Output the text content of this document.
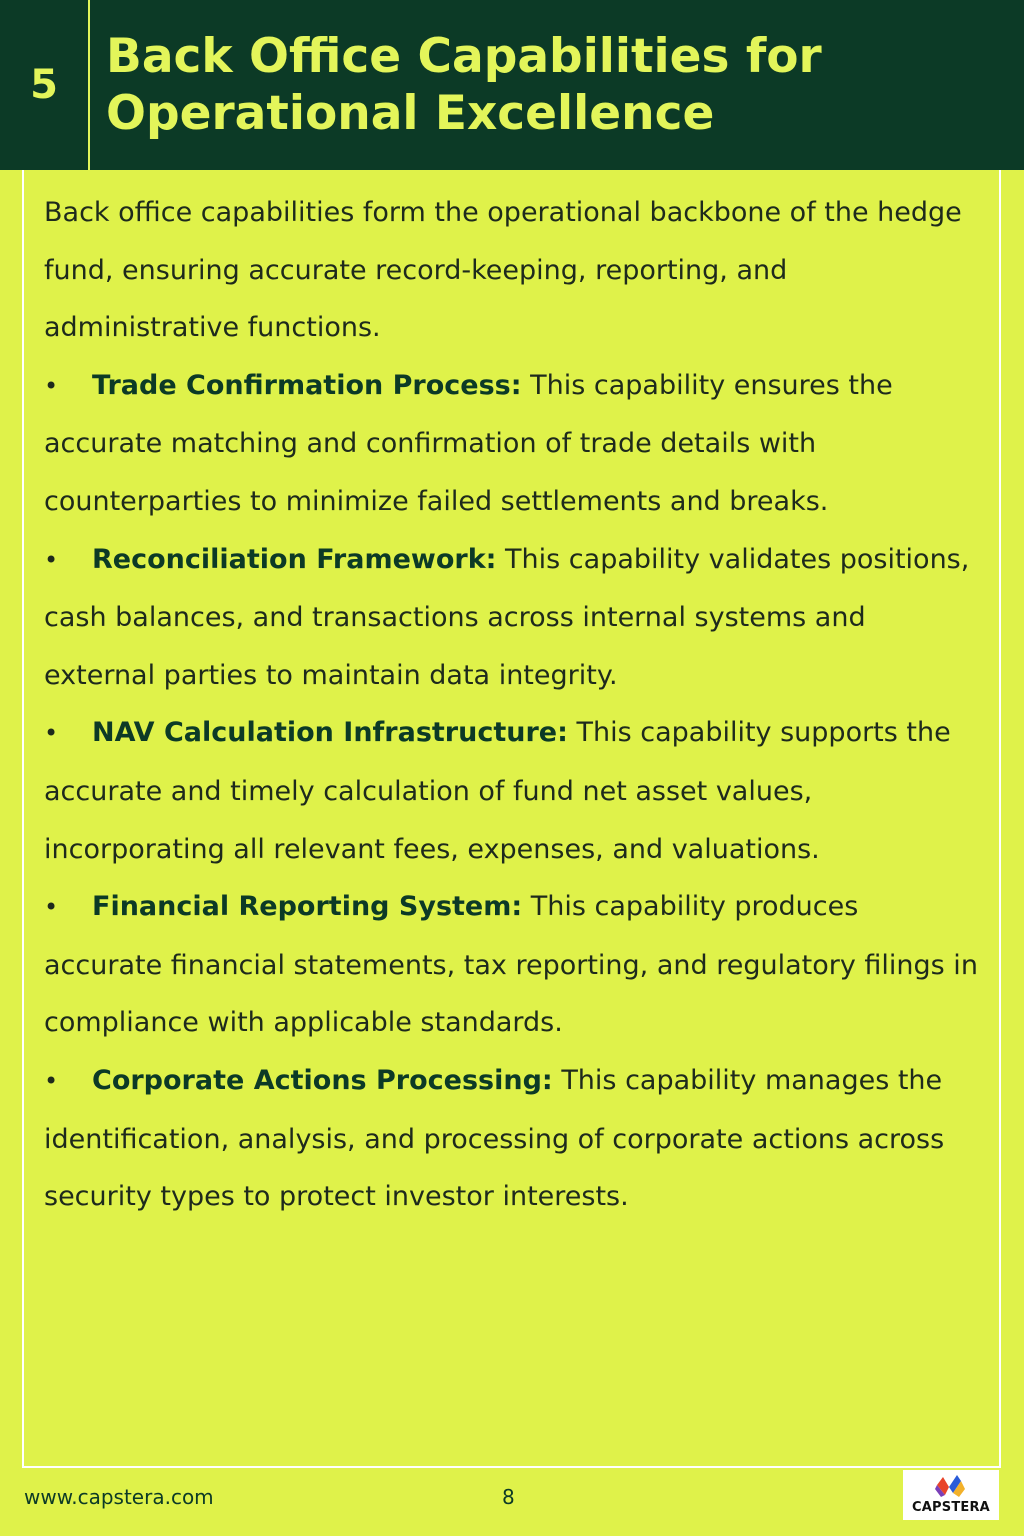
5
Back Office Capabilities for
Operational Excellence

Back office capabilities form the operational backbone of the hedge fund, ensuring accurate record-keeping, reporting, and administrative functions.

• Trade Confirmation Process: This capability ensures the accurate matching and confirmation of trade details with counterparties to minimize failed settlements and breaks.

• Reconciliation Framework: This capability validates positions, cash balances, and transactions across internal systems and external parties to maintain data integrity.

• NAV Calculation Infrastructure: This capability supports the accurate and timely calculation of fund net asset values, incorporating all relevant fees, expenses, and valuations.

• Financial Reporting System: This capability produces accurate financial statements, tax reporting, and regulatory filings in compliance with applicable standards.

• Corporate Actions Processing: This capability manages the identification, analysis, and processing of corporate actions across security types to protect investor interests.

www.capstera.com	8	CAPSTERA
